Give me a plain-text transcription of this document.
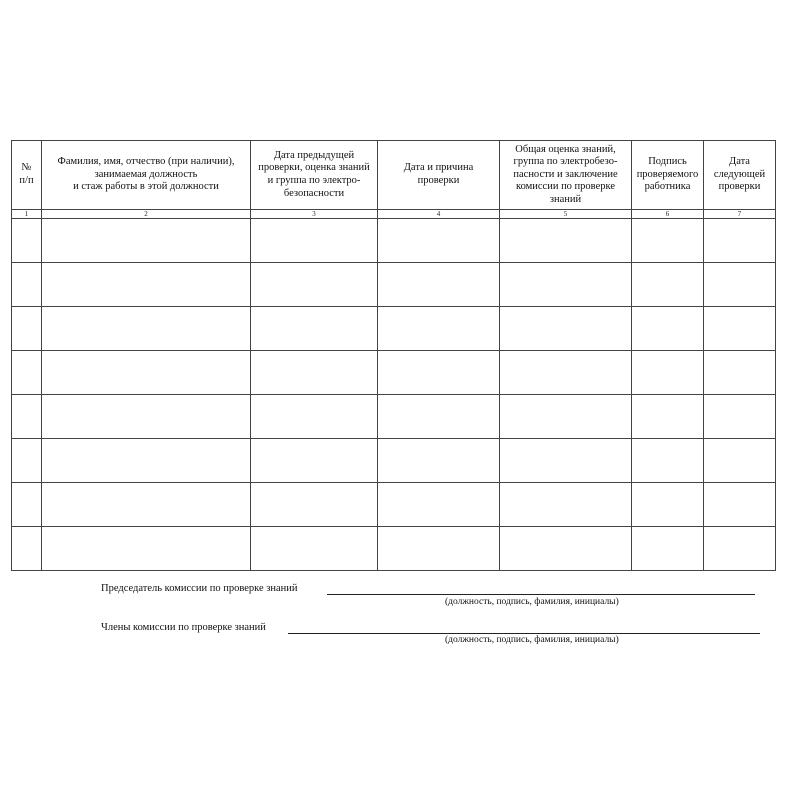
№
п/п	Фамилия, имя, отчество (при наличии),
занимаемая должность
и стаж работы в этой должности	Дата предыдущей
проверки, оценка знаний
и группа по электро-
безопасности	Дата и причина
проверки	Общая оценка знаний,
группа по электробезо-
пасности и заключение
комиссии по проверке
знаний	Подпись
проверяемого
работника	Дата
следующей
проверки

1	2	3	4	5	6	7

Председатель комиссии по проверке знаний
(должность, подпись, фамилия, инициалы)
Члены комиссии по проверке знаний
(должность, подпись, фамилия, инициалы)
